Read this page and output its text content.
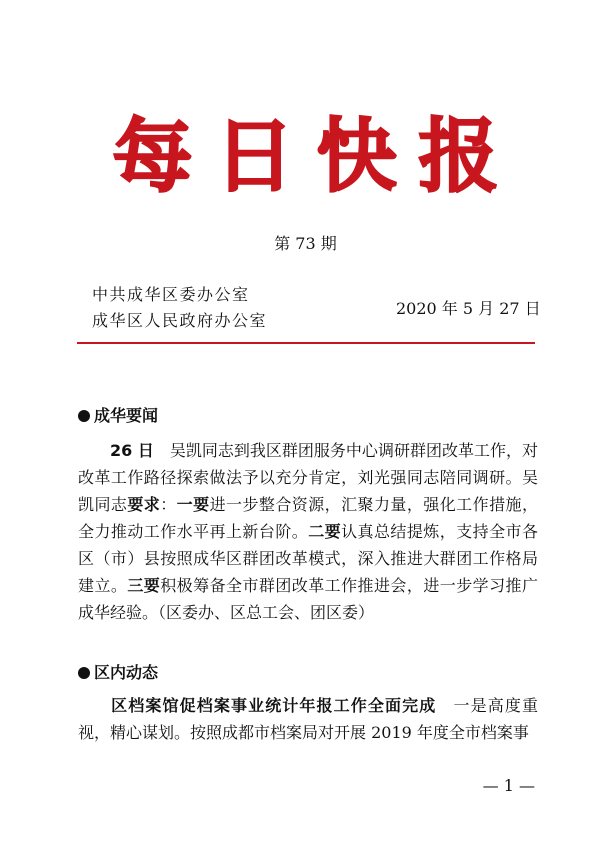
每日快报
第 73 期
中共成华区委办公室
成华区人民政府办公室
2020 年 5 月 27 日
成华要闻
26 日　吴凯同志到我区群团服务中心调研群团改革工作，对改革工作路径探索做法予以充分肯定，刘光强同志陪同调研。吴凯同志要求：一要进一步整合资源，汇聚力量，强化工作措施，全力推动工作水平再上新台阶。二要认真总结提炼，支持全市各区（市）县按照成华区群团改革模式，深入推进大群团工作格局建立。三要积极筹备全市群团改革工作推进会，进一步学习推广成华经验。（区委办、区总工会、团区委）
区内动态
区档案馆促档案事业统计年报工作全面完成　一是高度重视，精心谋划。按照成都市档案局对开展 2019 年度全市档案事
— 1 —
